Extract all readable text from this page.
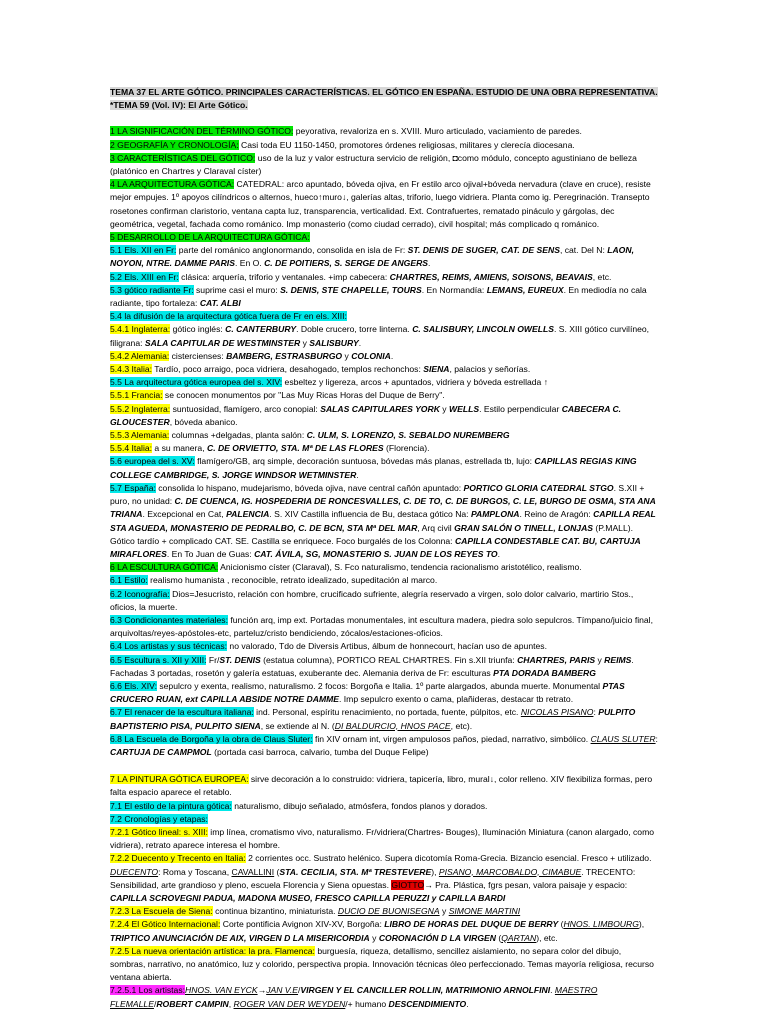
TEMA 37 EL ARTE GÓTICO. PRINCIPALES CARACTERÍSTICAS. EL GÓTICO EN ESPAÑA. ESTUDIO DE UNA OBRA REPRESENTATIVA.
*TEMA 59 (Vol. IV): El Arte Gótico.
1 LA SIGNIFICACIÓN DEL TÉRMINO GÓTICO: peyorativa, revaloriza en s. XVIII. Muro articulado, vaciamiento de paredes.
2 GEOGRAFÍA Y CRONOLOGÍA: Casi toda EU 1150-1450, promotores órdenes religiosas, militares y clerecía diocesana.
3 CARACTERÍSTICAS DEL GÓTICO: uso de la luz y valor estructura servicio de religión, ◘como módulo, concepto agustiniano de belleza (platónico en Chartres y Claraval císter)
4 LA ARQUITECTURA GÓTICA: CATEDRAL: arco apuntado, bóveda ojiva, en Fr estilo arco ojival+bóveda nervadura (clave en cruce), resiste mejor empujes. 1º apoyos cilíndricos o alternos, hueco↑muro↓, galerías altas, triforio, luego vidriera. Planta como ig. Peregrinación. Transepto rosetones confirman claristorio, ventana capta luz, transparencia, verticalidad. Ext. Contrafuertes, rematado pináculo y gárgolas, dec geométrica, vegetal, fachada como románico. Imp monasterio (como ciudad cerrado), civil hospital; más complicado q románico.
5 DESARROLLO DE LA ARQUITECTURA GÓTICA:
5.1 Els. XII en Fr: parte del románico anglonormando, consolida en isla de Fr: ST. DENIS DE SUGER, CAT. DE SENS, cat. Del N: LAON, NOYON, NTRE. DAMME PARIS. En O. C. DE POITIERS, S. SERGE DE ANGERS.
5.2 Els. XIII en Fr: clásica: arquería, triforio y ventanales. +imp cabecera: CHARTRES, REIMS, AMIENS, SOISONS, BEAVAIS, etc.
5.3 gótico radiante Fr: suprime casi el muro: S. DENIS, STE CHAPELLE, TOURS. En Normandía: LEMANS, EUREUX. En mediodía no cala radiante, tipo fortaleza: CAT. ALBI
5.4 la difusión de la arquitectura gótica fuera de Fr en els. XIII:
5.4.1 Inglaterra: gótico inglés: C. CANTERBURY. Doble crucero, torre linterna. C. SALISBURY, LINCOLN OWELLS. S. XIII gótico curvilíneo, filigrana: SALA CAPITULAR DE WESTMINSTER y SALISBURY.
5.4.2 Alemania: cistercienses: BAMBERG, ESTRASBURGO y COLONIA.
5.4.3 Italia: Tardío, poco arraigo, poca vidriera, desahogado, templos rechonchos: SIENA, palacios y señorías.
5.5 La arquitectura gótica europea del s. XIV: esbeltez y ligereza, arcos + apuntados, vidriera y bóveda estrellada ↑
5.5.1 Francia: se conocen monumentos por "Las Muy Ricas Horas del Duque de Berry".
5.5.2 Inglaterra: suntuosidad, flamígero, arco conopial: SALAS CAPITULARES YORK y WELLS. Estilo perpendicular CABECERA C. GLOUCESTER, bóveda abanico.
5.5.3 Alemania: columnas +delgadas, planta salón: C. ULM, S. LORENZO, S. SEBALDO NUREMBERG
5.5.4 Italia: a su manera, C. DE ORVIETTO, STA. Mª DE LAS FLORES (Florencia).
5.6 europea del s. XV: flamígero/GB, arq simple, decoración suntuosa, bóvedas más planas, estrellada tb, lujo: CAPILLAS REGIAS KING COLLEGE CAMBRIDGE, S. JORGE WINDSOR WETMINSTER.
5.7 España: consolida lo hispano, mudejarismo, bóveda ojiva, nave central cañón apuntado: PORTICO GLORIA CATEDRAL STGO. S.XII + puro, no unidad: C. DE CUENCA, IG. HOSPEDERIA DE RONCESVALLES, C. DE TO, C. DE BURGOS, C. LE, BURGO DE OSMA, STA ANA TRIANA. Excepcional en Cat, PALENCIA. S. XIV Castilla influencia de Bu, destaca gótico Na: PAMPLONA. Reino de Aragón: CAPILLA REAL STA AGUEDA, MONASTERIO DE PEDRALBO, C. DE BCN, STA Mª DEL MAR, Arq civil GRAN SALÓN O TINELL, LONJAS (P.MALL). Gótico tardío + complicado CAT. SE. Castilla se enriquece. Foco burgalés de los Colonna: CAPILLA CONDESTABLE CAT. BU, CARTUJA MIRAFLORES. En To Juan de Guas: CAT. ÁVILA, SG, MONASTERIO S. JUAN DE LOS REYES TO.
6 LA ESCULTURA GÓTICA: Anicionismo císter (Claraval), S. Fco naturalismo, tendencia racionalismo aristotélico, realismo.
6.1 Estilo: realismo humanista , reconocible, retrato idealizado, supeditación al marco.
6.2 Iconografía: Dios=Jesucristo, relación con hombre, crucificado sufriente, alegría reservado a virgen, solo dolor calvario, martirio Stos., oficios, la muerte.
6.3 Condicionantes materiales: función arq, imp ext. Portadas monumentales, int escultura madera, piedra solo sepulcros. Tímpano/juicio final, arquivoltas/reyes-apóstoles-etc, parteluz/cristo bendiciendo, zócalos/estaciones-oficios.
6.4 Los artistas y sus técnicas: no valorado, Tdo de Diversis Artibus, álbum de honnecourt, hacían uso de apuntes.
6.5 Escultura s. XII y XIII: Fr/ST. DENIS (estatua columna), PORTICO REAL CHARTRES. Fin s.XII triunfa: CHARTRES, PARIS y REIMS. Fachadas 3 portadas, rosetón y galería estatuas, exuberante dec. Alemania deriva de Fr: esculturas PTA DORADA BAMBERG
6.6 Els. XIV: sepulcro y exenta, realismo, naturalismo. 2 focos: Borgoña e Italia. 1º parte alargados, abunda muerte. Monumental PTAS CRUCERO RUAN, ext CAPILLA ABSIDE NOTRE DAMME. Imp sepulcro exento o cama, plañideras, destacar tb retrato.
6.7 El renacer de la escultura italiana: ind. Personal, espíritu renacimiento, no portada, fuente, púlpitos, etc. NICOLAS PISANO: PULPITO BAPTISTERIO PISA, PULPITO SIENA, se extiende al N. (DI BALDURCIO, HNOS PACE, etc).
6.8 La Escuela de Borgoña y la obra de Claus Sluter: fin XIV ornam int, virgen ampulosos paños, piedad, narrativo, simbólico. CLAUS SLUTER: CARTUJA DE CAMPMOL (portada casi barroca, calvario, tumba del Duque Felipe)
7 LA PINTURA GÓTICA EUROPEA: sirve decoración a lo construido: vidriera, tapicería, libro, mural↓, color relleno. XIV flexibiliza formas, pero falta espacio aparece el retablo.
7.1 El estilo de la pintura gótica: naturalismo, dibujo señalado, atmósfera, fondos planos y dorados.
7.2 Cronologías y etapas:
7.2.1 Gótico lineal: s. XIII: imp línea, cromatismo vivo, naturalismo. Fr/vidriera(Chartres- Bouges), Iluminación Miniatura (canon alargado, como vidriera), retrato aparece interesa el hombre.
7.2.2 Duecento y Trecento en Italia: 2 corrientes occ. Sustrato helénico. Supera dicotomía Roma-Grecia. Bizancio esencial. Fresco + utilizado. DUECENTO: Roma y Toscana, CAVALLINI (STA. CECILIA, STA. Mª TRESTEVERE), PISANO, MARCOBALDO, CIMABUE. TRECENTO: Sensibilidad, arte grandioso y pleno, escuela Florencia y Siena opuestas. GIOTTO→ Pra. Plástica, fgrs pesan, valora paisaje y espacio: CAPILLA SCROVEGNI PADUA, MADONA MUSEO, FRESCO CAPILLA PERUZZI y CAPILLA BARDI
7.2.3 La Escuela de Siena: continua bizantino, miniaturista. DUCIO DE BUONISEGNA y SIMONE MARTINI
7.2.4 El Gótico Internacional: Corte pontificia Avignon XIV-XV, Borgoña: LIBRO DE HORAS DEL DUQUE DE BERRY (HNOS. LIMBOURG), TRIPTICO ANUNCIACIÓN DE AIX, VIRGEN D LA MISERICORDIA y CORONACIÓN D LA VIRGEN (QARTAN), etc.
7.2.5 La nueva orientación artística: la pra. Flamenca: burguesía, riqueza, detallismo, sencillez aislamiento, no separa color del dibujo, sombras, narrativo, no anatómico, luz y colorido, perspectiva propia. Innovación técnicas óleo perfeccionado. Temas mayoría religiosa, recurso ventana abierta.
7.2.5.1 Los artistas:HNOS. VAN EYCK→JAN V.E/VIRGEN Y EL CANCILLER ROLLIN, MATRIMONIO ARNOLFINI. MAESTRO FLEMALLE/ROBERT CAMPIN, ROGER VAN DER WEYDEN/+ humano DESCENDIMIENTO.
